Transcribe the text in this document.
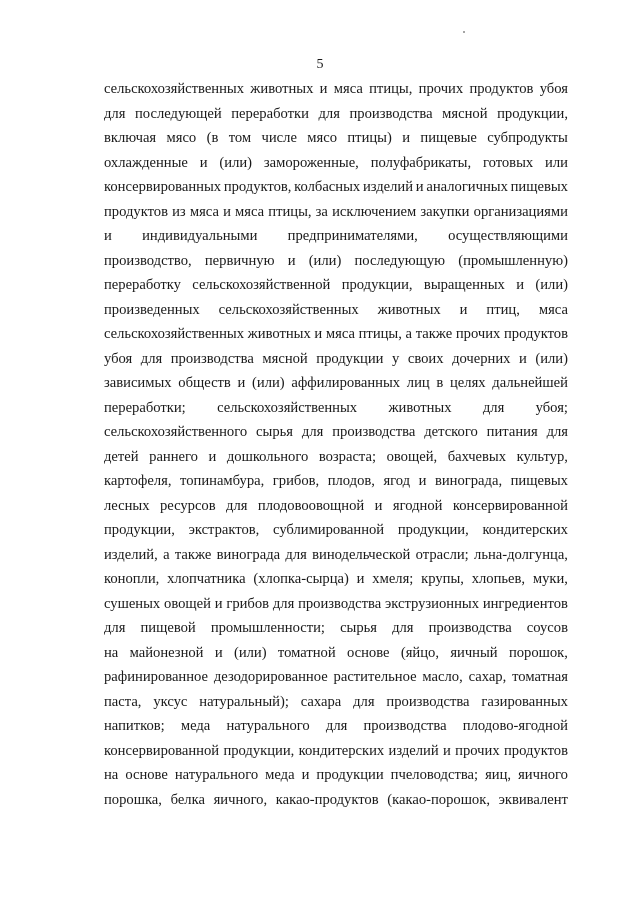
5
сельскохозяйственных животных и мяса птицы, прочих продуктов убоя
для последующей переработки для производства мясной продукции,
включая мясо (в том числе мясо птицы) и пищевые субпродукты
охлажденные и (или) замороженные, полуфабрикаты, готовых или
консервированных продуктов, колбасных изделий и аналогичных пищевых
продуктов из мяса и мяса птицы, за исключением закупки организациями
и индивидуальными предпринимателями, осуществляющими
производство, первичную и (или) последующую (промышленную)
переработку сельскохозяйственной продукции, выращенных и (или)
произведенных сельскохозяйственных животных и птиц, мяса
сельскохозяйственных животных и мяса птицы, а также прочих продуктов
убоя для производства мясной продукции у своих дочерних и (или)
зависимых обществ и (или) аффилированных лиц в целях дальнейшей
переработки; сельскохозяйственных животных для убоя;
сельскохозяйственного сырья для производства детского питания для
детей раннего и дошкольного возраста; овощей, бахчевых культур,
картофеля, топинамбура, грибов, плодов, ягод и винограда, пищевых
лесных ресурсов для плодовоовощной и ягодной консервированной
продукции, экстрактов, сублимированной продукции, кондитерских
изделий, а также винограда для винодельческой отрасли; льна-долгунца,
конопли, хлопчатника (хлопка-сырца) и хмеля; крупы, хлопьев, муки,
сушеных овощей и грибов для производства экструзионных ингредиентов
для пищевой промышленности; сырья для производства соусов
на майонезной и (или) томатной основе (яйцо, яичный порошок,
рафинированное дезодорированное растительное масло, сахар, томатная
паста, уксус натуральный); сахара для производства газированных
напитков; меда натурального для производства плодово-ягодной
консервированной продукции, кондитерских изделий и прочих продуктов
на основе натурального меда и продукции пчеловодства; яиц, яичного
порошка, белка яичного, какао-продуктов (какао-порошок, эквивалент
